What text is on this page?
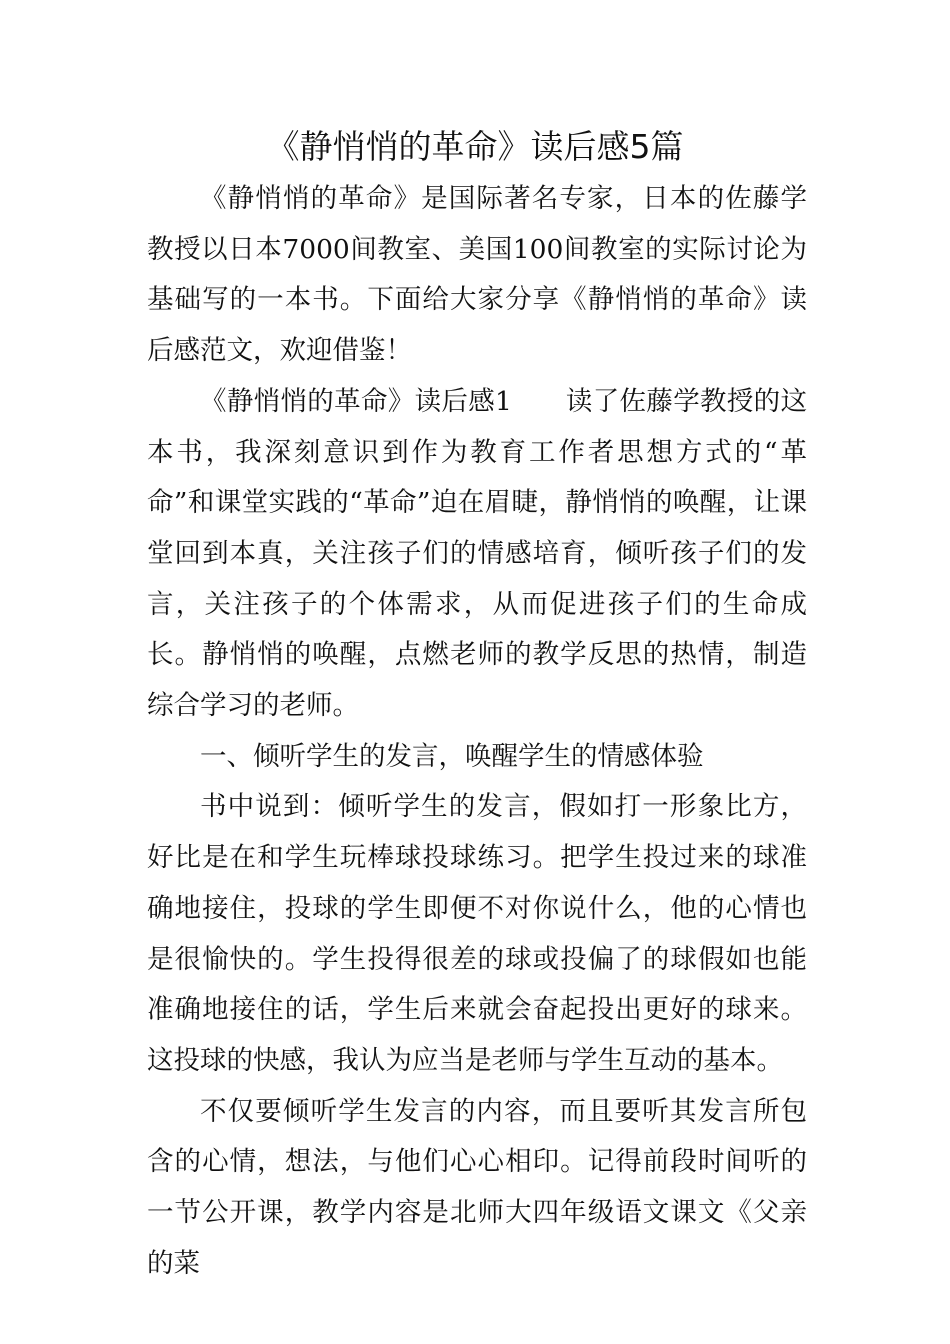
《静悄悄的革命》读后感5篇

《静悄悄的革命》是国际著名专家，日本的佐藤学教授以日本7000间教室、美国100间教室的实际讨论为基础写的一本书。下面给大家分享《静悄悄的革命》读后感范文，欢迎借鉴！

《静悄悄的革命》读后感1　　读了佐藤学教授的这本书，我深刻意识到作为教育工作者思想方式的“革命”和课堂实践的“革命”迫在眉睫，静悄悄的唤醒，让课堂回到本真，关注孩子们的情感培育，倾听孩子们的发言，关注孩子的个体需求，从而促进孩子们的生命成长。静悄悄的唤醒，点燃老师的教学反思的热情，制造综合学习的老师。

一、倾听学生的发言，唤醒学生的情感体验

书中说到：倾听学生的发言，假如打一形象比方，好比是在和学生玩棒球投球练习。把学生投过来的球准确地接住，投球的学生即便不对你说什么，他的心情也是很愉快的。学生投得很差的球或投偏了的球假如也能准确地接住的话，学生后来就会奋起投出更好的球来。这投球的快感，我认为应当是老师与学生互动的基本。

不仅要倾听学生发言的内容，而且要听其发言所包含的心情，想法，与他们心心相印。记得前段时间听的一节公开课，教学内容是北师大四年级语文课文《父亲的菜
